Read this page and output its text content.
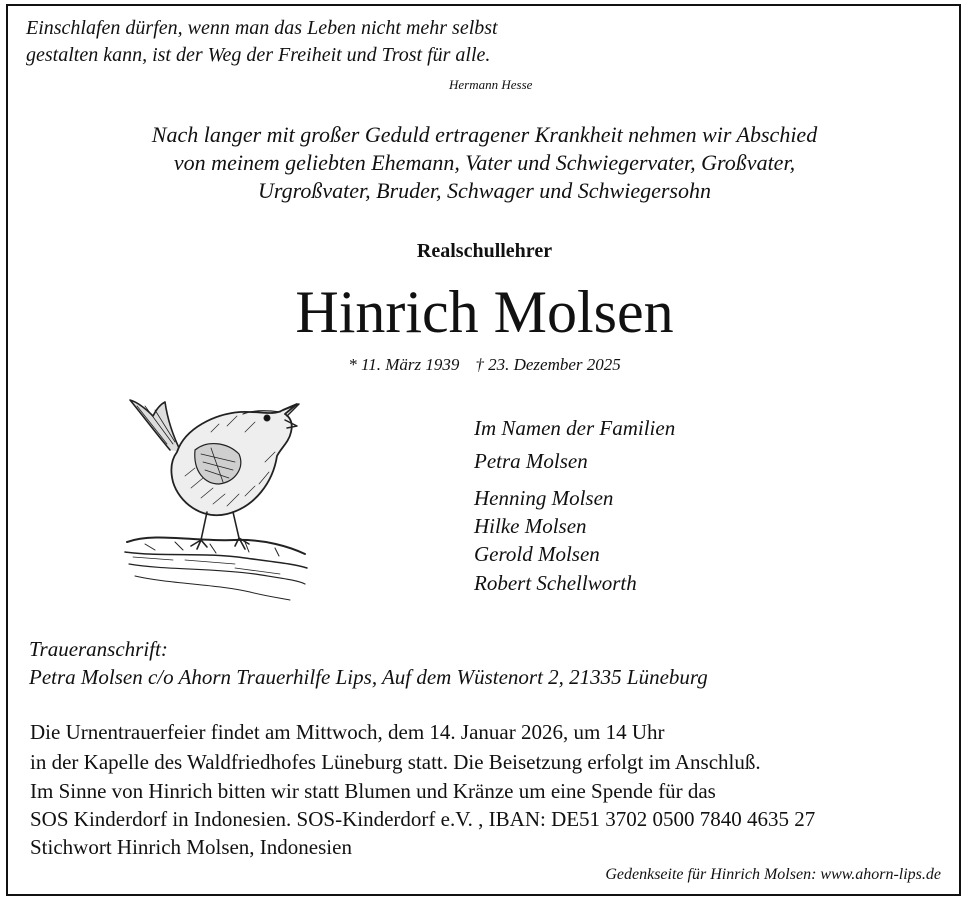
Einschlafen dürfen, wenn man das Leben nicht mehr selbst
gestalten kann, ist der Weg der Freiheit und Trost für alle.
Hermann Hesse
Nach langer mit großer Geduld ertragener Krankheit nehmen wir Abschied
von meinem geliebten Ehemann, Vater und Schwiegervater, Großvater,
Urgroßvater, Bruder, Schwager und Schwiegersohn
Realschullehrer
Hinrich Molsen
* 11. März 1939 † 23. Dezember 2025
Im Namen der Familien
Petra Molsen
Henning Molsen
Hilke Molsen
Gerold Molsen
Robert Schellworth
Traueranschrift:
Petra Molsen c/o Ahorn Trauerhilfe Lips, Auf dem Wüstenort 2, 21335 Lüneburg
Die Urnentrauerfeier findet am Mittwoch, dem 14. Januar 2026, um 14 Uhr
in der Kapelle des Waldfriedhofes Lüneburg statt. Die Beisetzung erfolgt im Anschluß.
Im Sinne von Hinrich bitten wir statt Blumen und Kränze um eine Spende für das
SOS Kinderdorf in Indonesien. SOS-Kinderdorf e.V. , IBAN: DE51 3702 0500 7840 4635 27
Stichwort Hinrich Molsen, Indonesien
Gedenkseite für Hinrich Molsen: www.ahorn-lips.de
